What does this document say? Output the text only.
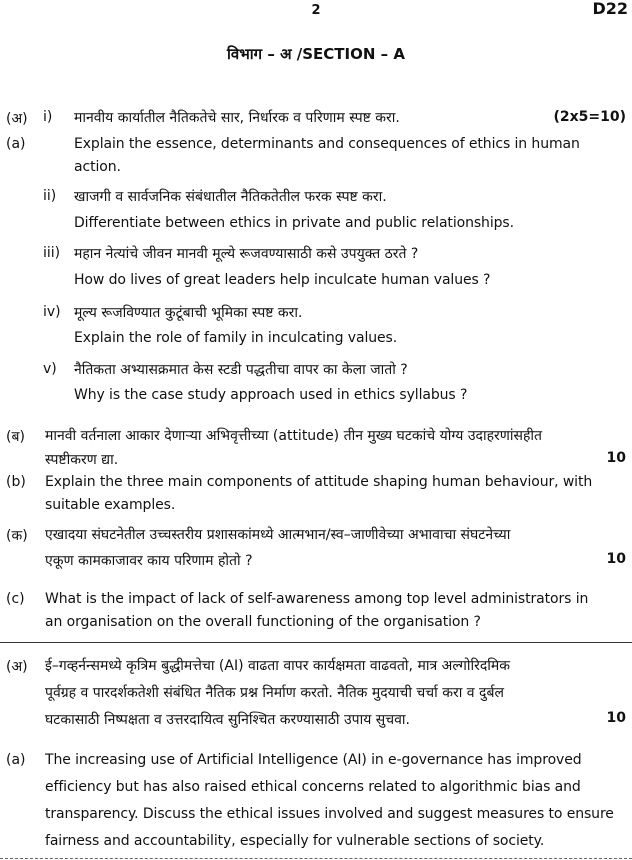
2	D22
विभाग – अ /SECTION – A
(अ)
(a)
(2x5=10)
i) मानवीय कार्यातील नैतिकतेचे सार, निर्धारक व परिणाम स्पष्ट करा.
Explain the essence, determinants and consequences of ethics in human
action.
ii) खाजगी व सार्वजनिक संबंधातील नैतिकतेतील फरक स्पष्ट करा.
Differentiate between ethics in private and public relationships.
iii) महान नेत्यांचे जीवन मानवी मूल्ये रूजवण्यासाठी कसे उपयुक्त ठरते ?
How do lives of great leaders help inculcate human values ?
iv) मूल्य रूजविण्यात कुटूंबाची भूमिका स्पष्ट करा.
Explain the role of family in inculcating values.
v) नैतिकता अभ्यासक्रमात केस स्टडी पद्धतीचा वापर का केला जातो ?
Why is the case study approach used in ethics syllabus ?
(ब) मानवी वर्तनाला आकार देणाऱ्या अभिवृत्तीच्या (attitude) तीन मुख्य घटकांचे योग्य उदाहरणांसहीत
स्पष्टीकरण द्या.	10
(b) Explain the three main components of attitude shaping human behaviour, with
suitable examples.
(क) एखादया संघटनेतील उच्चस्तरीय प्रशासकांमध्ये आत्मभान/स्व–जाणीवेच्या अभावाचा संघटनेच्या
एकूण कामकाजावर काय परिणाम होतो ?	10
(c) What is the impact of lack of self-awareness among top level administrators in
an organisation on the overall functioning of the organisation ?
(अ) ई–गव्हर्नन्समध्ये कृत्रिम बुद्धीमत्तेचा (AI) वाढता वापर कार्यक्षमता वाढवतो, मात्र अल्गोरिदमिक
पूर्वग्रह व पारदर्शकतेशी संबंधित नैतिक प्रश्न निर्माण करतो. नैतिक मुदयाची चर्चा करा व दुर्बल
घटकासाठी निष्पक्षता व उत्तरदायित्व सुनिश्चित करण्यासाठी उपाय सुचवा.	10
(a) The increasing use of Artificial Intelligence (AI) in e-governance has improved
efficiency but has also raised ethical concerns related to algorithmic bias and
transparency. Discuss the ethical issues involved and suggest measures to ensure
fairness and accountability, especially for vulnerable sections of society.
